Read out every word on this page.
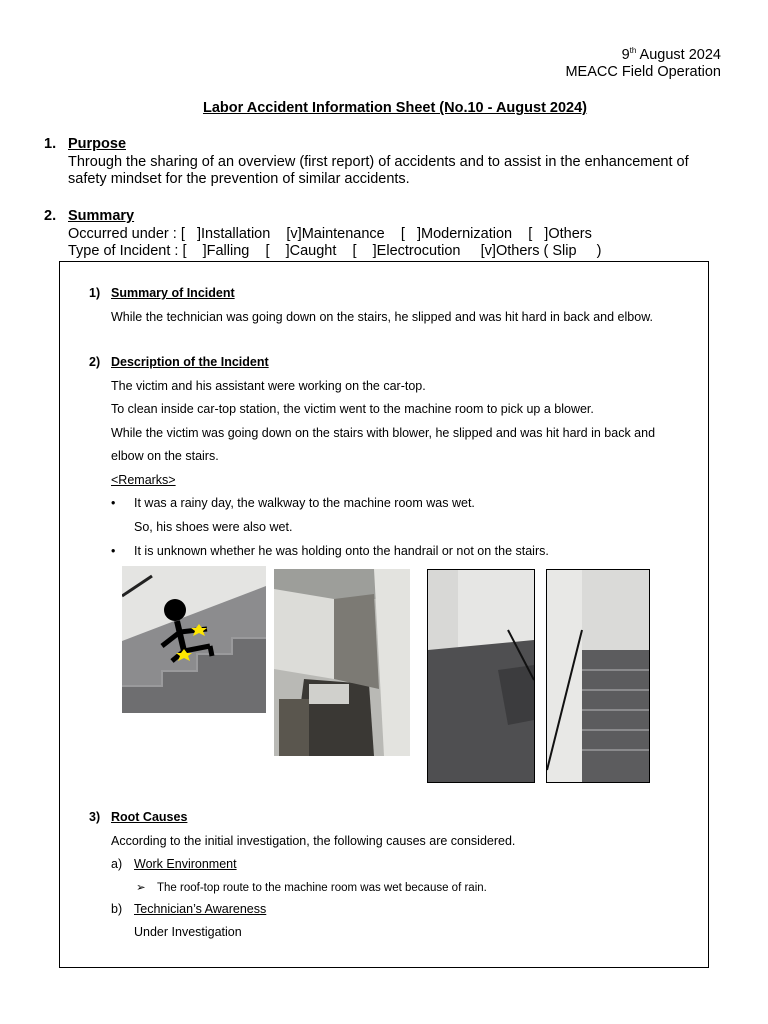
9th August 2024
MEACC Field Operation
Labor Accident Information Sheet (No.10 - August 2024)
1. Purpose
Through the sharing of an overview (first report) of accidents and to assist in the enhancement of
safety mindset for the prevention of similar accidents.
2. Summary
Occurred under : [   ]Installation    [v]Maintenance    [   ]Modernization    [   ]Others
Type of Incident : [    ]Falling    [    ]Caught    [    ]Electrocution     [v]Others ( Slip     )
1) Summary of Incident
While the technician was going down on the stairs, he slipped and was hit hard in back and elbow.
2) Description of the Incident
The victim and his assistant were working on the car-top.
To clean inside car-top station, the victim went to the machine room to pick up a blower.
While the victim was going down on the stairs with blower, he slipped and was hit hard in back and
elbow on the stairs.
<Remarks>
• It was a rainy day, the walkway to the machine room was wet.
So, his shoes were also wet.
• It is unknown whether he was holding onto the handrail or not on the stairs.
3) Root Causes
According to the initial investigation, the following causes are considered.
a) Work Environment
➢ The roof-top route to the machine room was wet because of rain.
b) Technician’s Awareness
Under Investigation
